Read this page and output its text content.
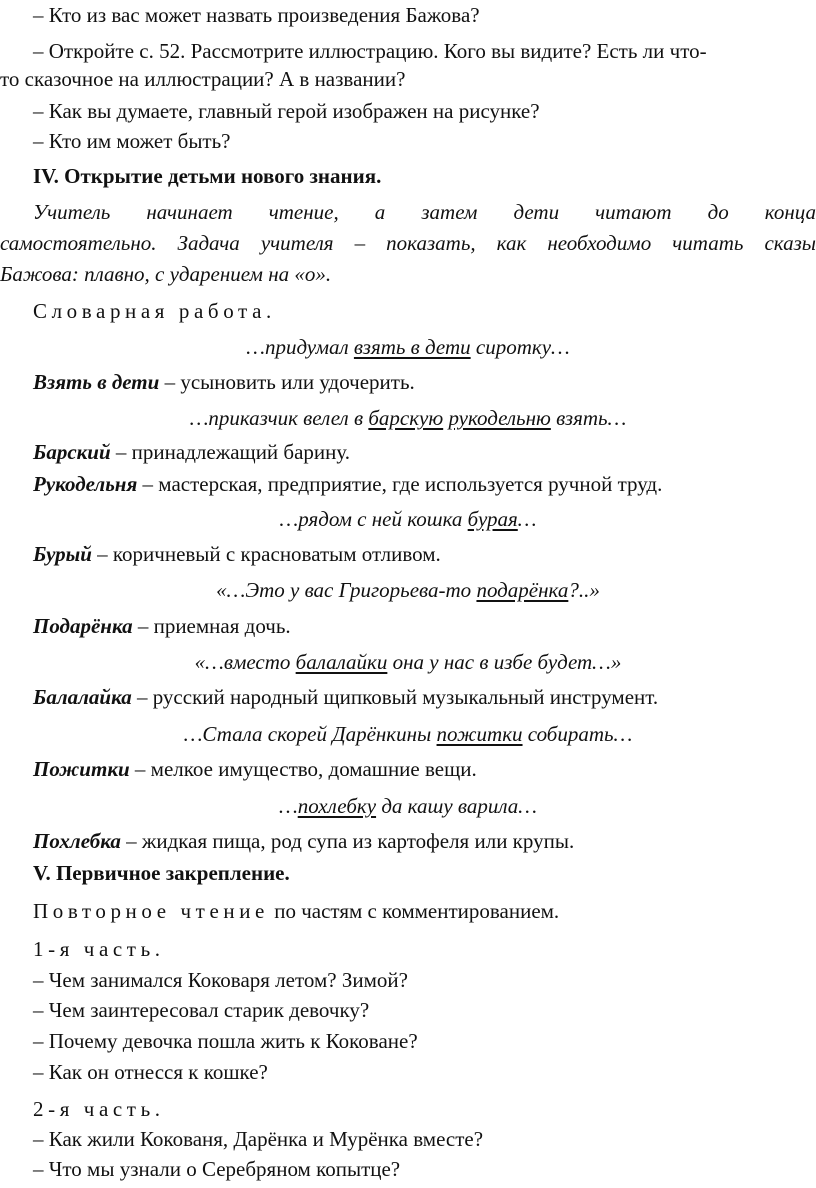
– Кто из вас может назвать произведения Бажова?
– Откройте с. 52. Рассмотрите иллюстрацию. Кого вы видите? Есть ли что-
то сказочное на иллюстрации? А в названии?
– Как вы думаете, главный герой изображен на рисунке?
– Кто им может быть?
IV. Открытие детьми нового знания.
Учитель начинает чтение, а затем дети читают до конца
самостоятельно. Задача учителя – показать, как необходимо читать сказы
Бажова: плавно, с ударением на «о».
Словарная работа.
…придумал взять в дети сиротку…
Взять в дети – усыновить или удочерить.
…приказчик велел в барскую рукодельню взять…
Барский – принадлежащий барину.
Рукодельня – мастерская, предприятие, где используется ручной труд.
…рядом с ней кошка бурая…
Бурый – коричневый с красноватым отливом.
«…Это у вас Григорьева-то подарёнка?..»
Подарёнка – приемная дочь.
«…вместо балалайки она у нас в избе будет…»
Балалайка – русский народный щипковый музыкальный инструмент.
…Стала скорей Дарёнкины пожитки собирать…
Пожитки – мелкое имущество, домашние вещи.
…похлебку да кашу варила…
Похлебка – жидкая пища, род супа из картофеля или крупы.
V. Первичное закрепление.
Повторное чтение по частям с комментированием.
1-я часть.
– Чем занимался Коковаря летом? Зимой?
– Чем заинтересовал старик девочку?
– Почему девочка пошла жить к Коковане?
– Как он отнесся к кошке?
2-я часть.
– Как жили Кокованя, Дарёнка и Мурёнка вместе?
– Что мы узнали о Серебряном копытце?
